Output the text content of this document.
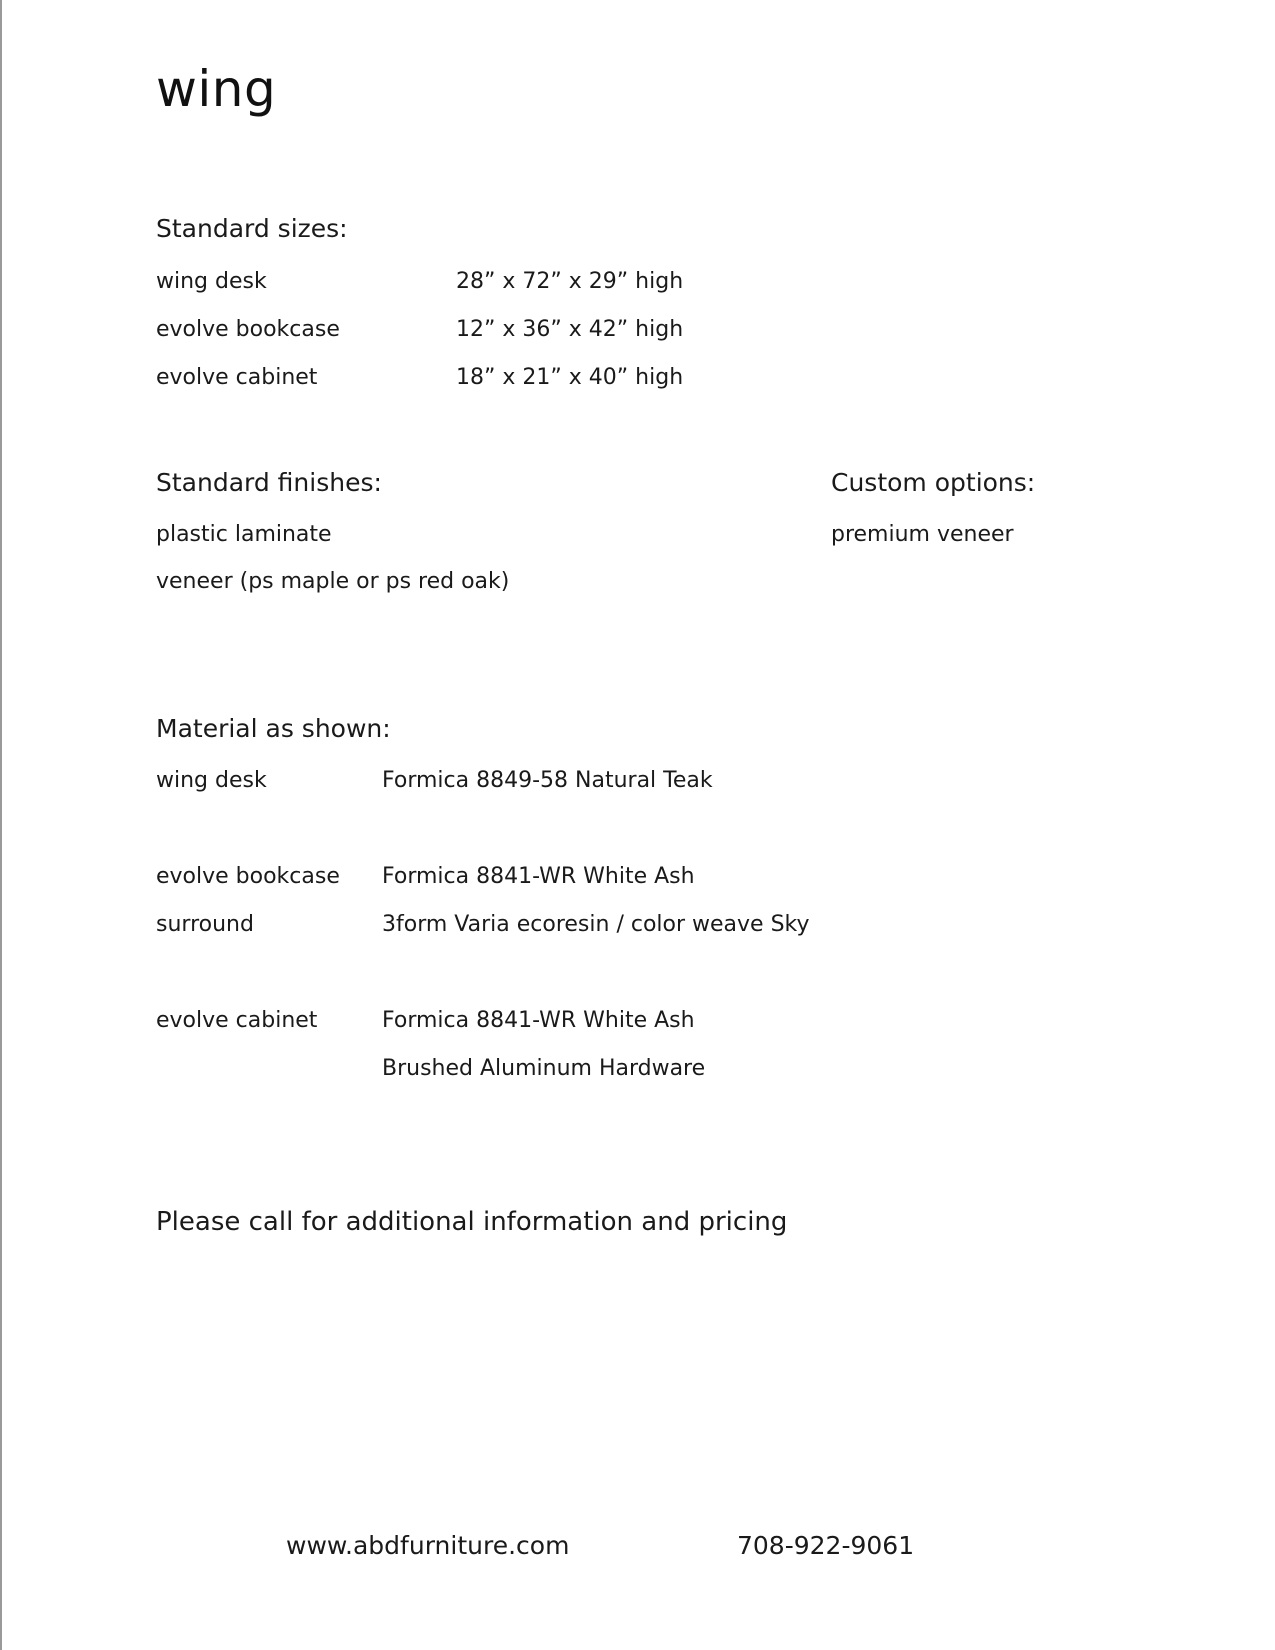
wing
Standard sizes:
wing desk	28” x 72” x 29” high
evolve bookcase	12” x 36” x 42” high
evolve cabinet	18” x 21” x 40” high
Standard finishes:
plastic laminate
veneer (ps maple or ps red oak)
Custom options:
premium veneer
Material as shown:
wing desk	Formica 8849-58 Natural Teak
evolve bookcase Formica 8841-WR White Ash
surround	3form Varia ecoresin / color weave Sky
evolve cabinet	Formica 8841-WR White Ash
Brushed Aluminum Hardware
Please call for additional information and pricing
www.abdfurniture.com	708-922-9061
